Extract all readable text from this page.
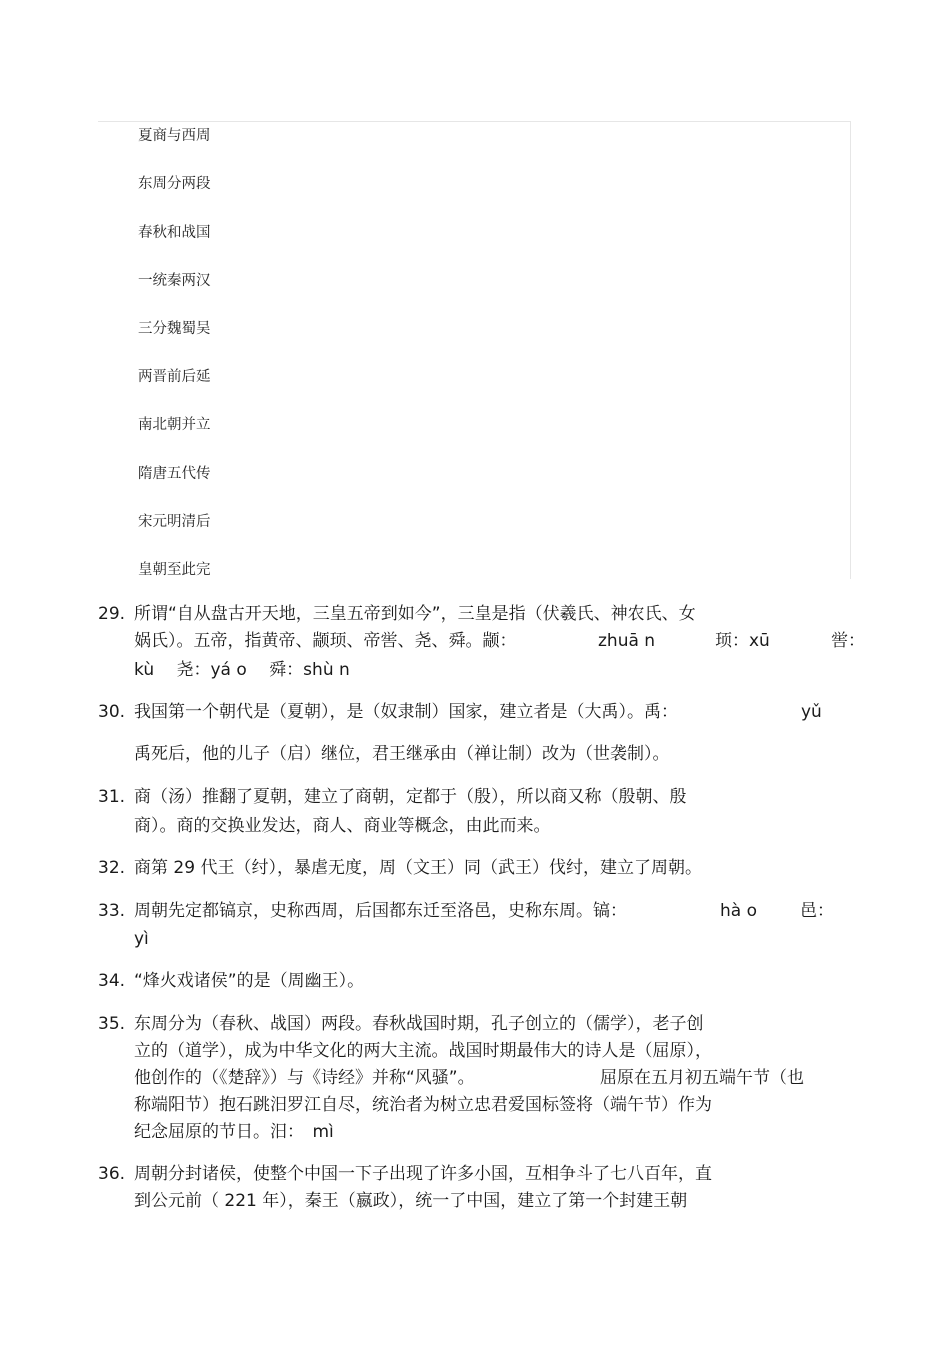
夏商与西周
东周分两段
春秋和战国
一统秦两汉
三分魏蜀吴
两晋前后延
南北朝并立
隋唐五代传
宋元明清后
皇朝至此完
29. 所谓“自从盘古开天地，三皇五帝到如今”，三皇是指（伏羲氏、神农氏、女
娲氏）。五帝，指黄帝、颛顼、帝喾、尧、舜。颛：	zhuā n	顼：xū	喾：
kù　 尧：yá o　 舜：shù n
30. 我国第一个朝代是（夏朝），是（奴隶制）国家，建立者是（大禹）。禹：	yǔ
禹死后，他的儿子（启）继位，君王继承由（禅让制）改为（世袭制）。
31. 商（汤）推翻了夏朝，建立了商朝，定都于（殷），所以商又称（殷朝、殷
商）。商的交换业发达，商人、商业等概念，由此而来。
32. 商第 29 代王（纣），暴虐无度，周（文王）同（武王）伐纣，建立了周朝。
33. 周朝先定都镐京，史称西周，后国都东迁至洛邑，史称东周。镐：	hà o	邑：
yì
34. “烽火戏诸侯”的是（周幽王）。
35. 东周分为（春秋、战国）两段。春秋战国时期，孔子创立的（儒学），老子创
立的（道学），成为中华文化的两大主流。战国时期最伟大的诗人是（屈原），
他创作的（《楚辞》）与《诗经》并称“风骚”。	屈原在五月初五端午节（也
称端阳节）抱石跳汨罗江自尽，统治者为树立忠君爱国标签将（端午节）作为
纪念屈原的节日。汨：　mì
36. 周朝分封诸侯，使整个中国一下子出现了许多小国，互相争斗了七八百年，直
到公元前（ 221 年），秦王（嬴政），统一了中国，建立了第一个封建王朝
